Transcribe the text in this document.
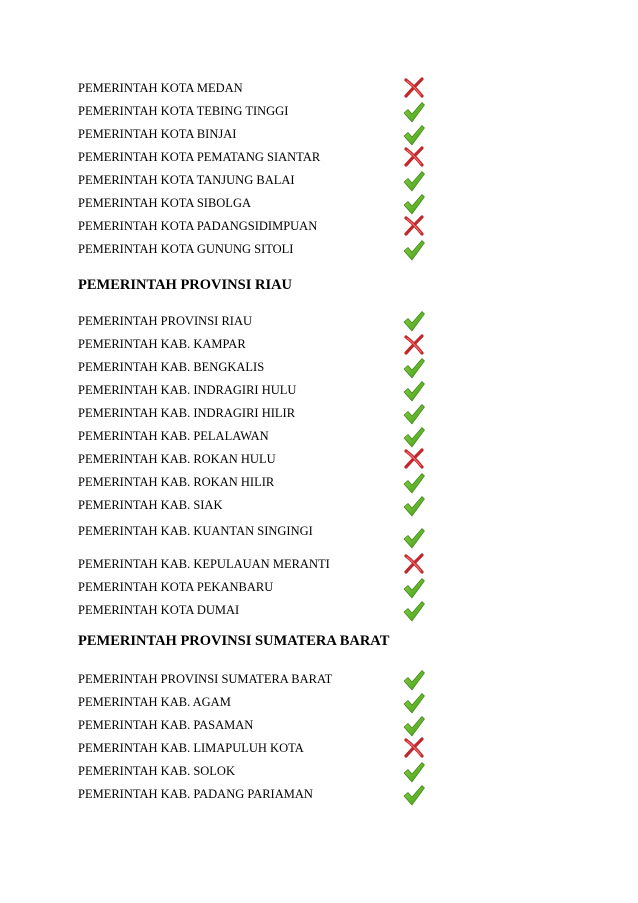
PEMERINTAH KOTA MEDAN
PEMERINTAH KOTA TEBING TINGGI
PEMERINTAH KOTA BINJAI
PEMERINTAH KOTA PEMATANG SIANTAR
PEMERINTAH KOTA TANJUNG BALAI
PEMERINTAH KOTA SIBOLGA
PEMERINTAH KOTA PADANGSIDIMPUAN
PEMERINTAH KOTA GUNUNG SITOLI
PEMERINTAH PROVINSI RIAU
PEMERINTAH PROVINSI RIAU
PEMERINTAH KAB. KAMPAR
PEMERINTAH KAB. BENGKALIS
PEMERINTAH KAB. INDRAGIRI HULU
PEMERINTAH KAB. INDRAGIRI HILIR
PEMERINTAH KAB. PELALAWAN
PEMERINTAH KAB. ROKAN HULU
PEMERINTAH KAB. ROKAN HILIR
PEMERINTAH KAB. SIAK
PEMERINTAH KAB. KUANTAN SINGINGI
PEMERINTAH KAB. KEPULAUAN MERANTI
PEMERINTAH KOTA PEKANBARU
PEMERINTAH KOTA DUMAI
PEMERINTAH PROVINSI SUMATERA BARAT
PEMERINTAH PROVINSI SUMATERA BARAT
PEMERINTAH KAB. AGAM
PEMERINTAH KAB. PASAMAN
PEMERINTAH KAB. LIMAPULUH KOTA
PEMERINTAH KAB. SOLOK
PEMERINTAH KAB. PADANG PARIAMAN
